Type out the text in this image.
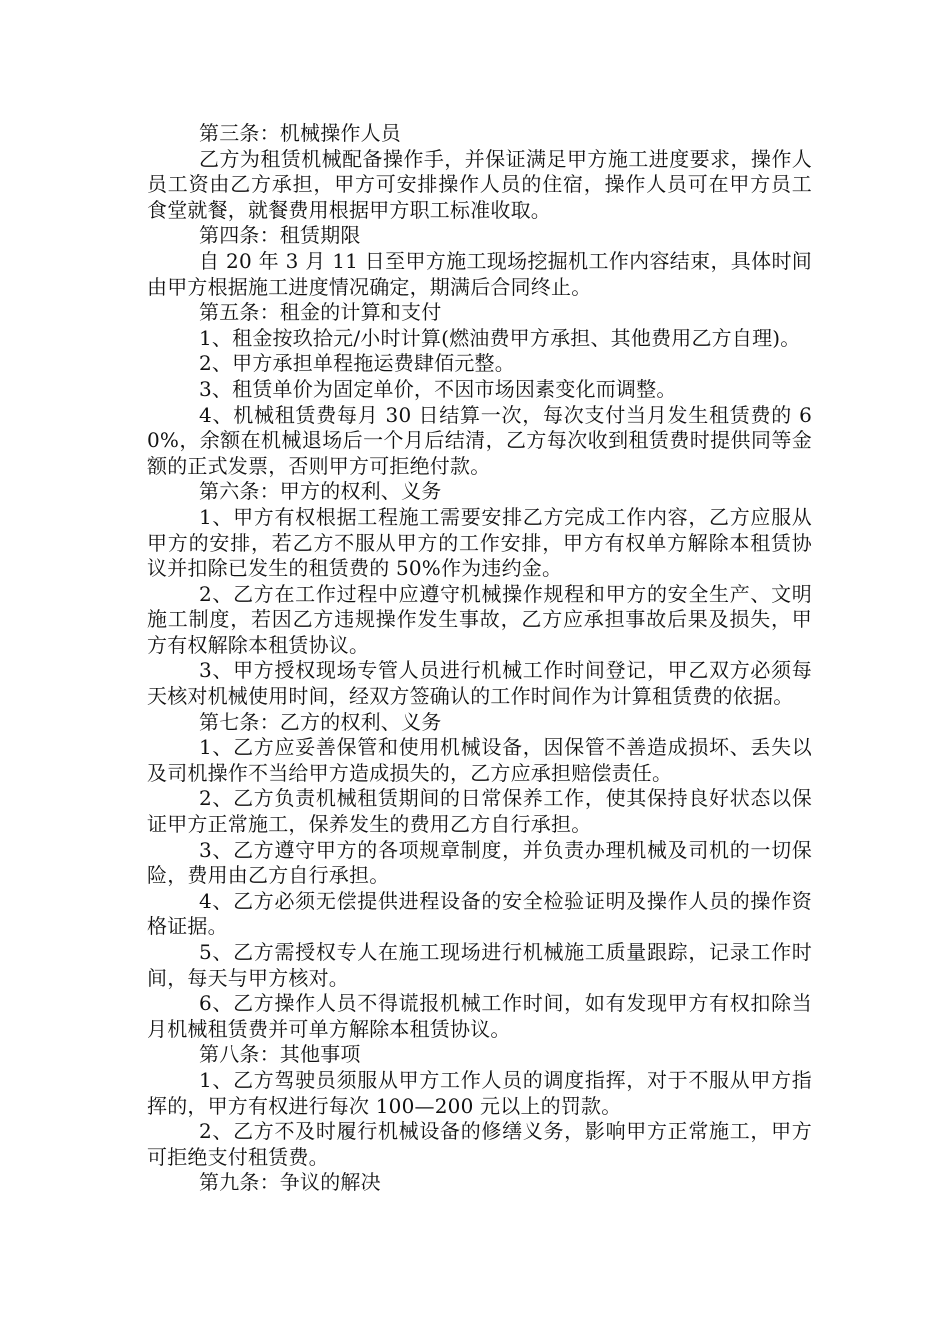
第三条：机械操作人员

乙方为租赁机械配备操作手，并保证满足甲方施工进度要求，操作人员工资由乙方承担，甲方可安排操作人员的住宿，操作人员可在甲方员工食堂就餐，就餐费用根据甲方职工标准收取。

第四条：租赁期限

自 20 年 3 月 11 日至甲方施工现场挖掘机工作内容结束，具体时间由甲方根据施工进度情况确定，期满后合同终止。

第五条：租金的计算和支付

1、租金按玖拾元/小时计算(燃油费甲方承担、其他费用乙方自理)。

2、甲方承担单程拖运费肆佰元整。

3、租赁单价为固定单价，不因市场因素变化而调整。

4、机械租赁费每月 30 日结算一次，每次支付当月发生租赁费的 60%，余额在机械退场后一个月后结清，乙方每次收到租赁费时提供同等金额的正式发票，否则甲方可拒绝付款。

第六条：甲方的权利、义务

1、甲方有权根据工程施工需要安排乙方完成工作内容，乙方应服从甲方的安排，若乙方不服从甲方的工作安排，甲方有权单方解除本租赁协议并扣除已发生的租赁费的 50%作为违约金。

2、乙方在工作过程中应遵守机械操作规程和甲方的安全生产、文明施工制度，若因乙方违规操作发生事故，乙方应承担事故后果及损失，甲方有权解除本租赁协议。

3、甲方授权现场专管人员进行机械工作时间登记，甲乙双方必须每天核对机械使用时间，经双方签确认的工作时间作为计算租赁费的依据。

第七条：乙方的权利、义务

1、乙方应妥善保管和使用机械设备，因保管不善造成损坏、丢失以及司机操作不当给甲方造成损失的，乙方应承担赔偿责任。

2、乙方负责机械租赁期间的日常保养工作，使其保持良好状态以保证甲方正常施工，保养发生的费用乙方自行承担。

3、乙方遵守甲方的各项规章制度，并负责办理机械及司机的一切保险，费用由乙方自行承担。

4、乙方必须无偿提供进程设备的安全检验证明及操作人员的操作资格证据。

5、乙方需授权专人在施工现场进行机械施工质量跟踪，记录工作时间，每天与甲方核对。

6、乙方操作人员不得谎报机械工作时间，如有发现甲方有权扣除当月机械租赁费并可单方解除本租赁协议。

第八条：其他事项

1、乙方驾驶员须服从甲方工作人员的调度指挥，对于不服从甲方指挥的，甲方有权进行每次 100—200 元以上的罚款。

2、乙方不及时履行机械设备的修缮义务，影响甲方正常施工，甲方可拒绝支付租赁费。

第九条：争议的解决
